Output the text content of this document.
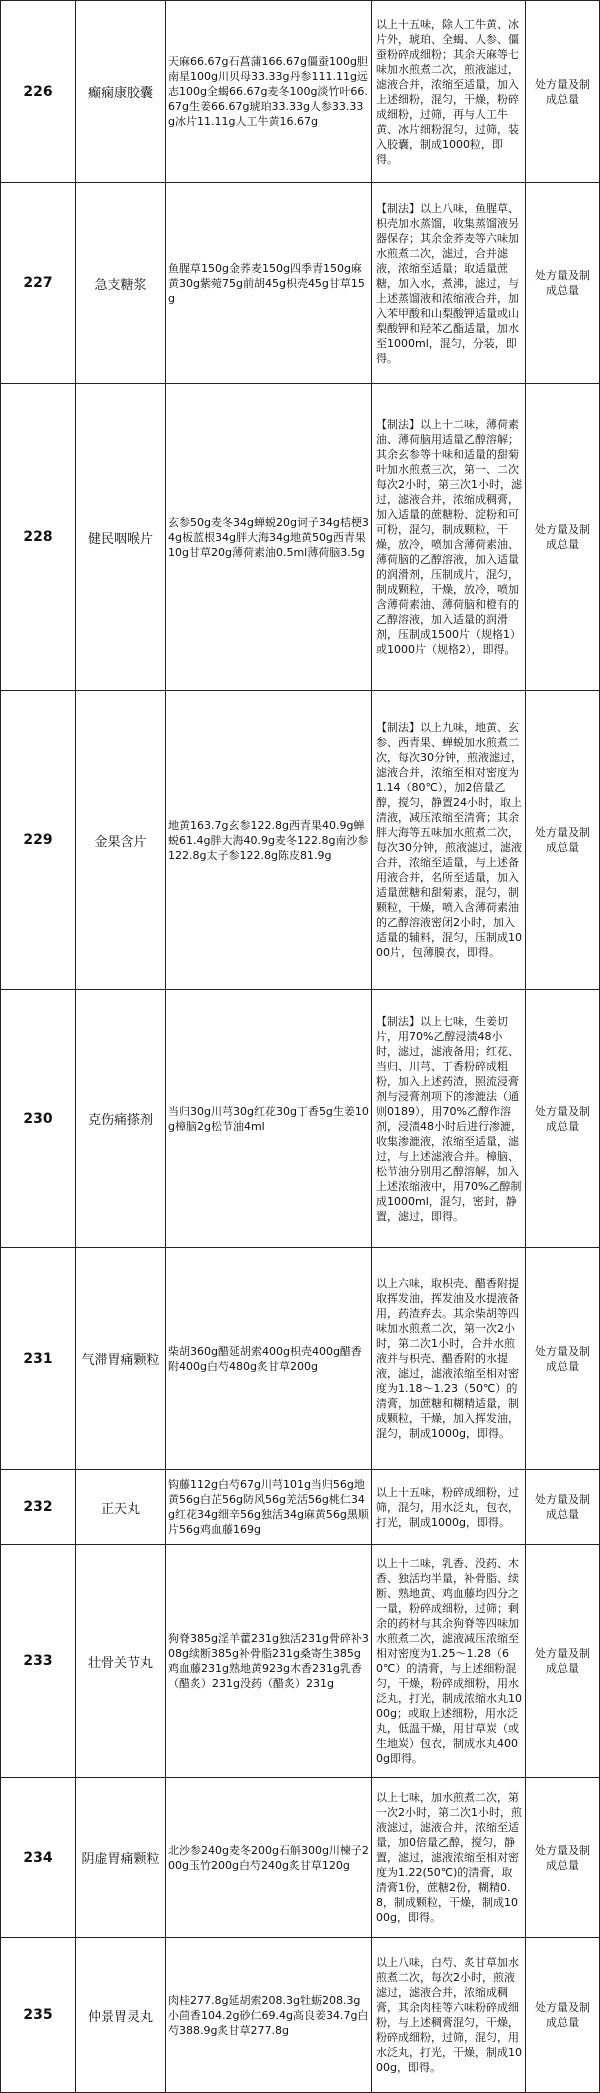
226	癫痫康胶囊
天麻66.67g石菖蒲166.67g僵蚕100g胆南星100g川贝母33.33g丹参111.11g远志100g全蝎66.67g麦冬100g淡竹叶66.67g生姜66.67g琥珀33.33g人参33.33g冰片11.11g人工牛黄16.67g
以上十五味，除人工牛黄、冰片外，琥珀、全蝎、人参、僵蚕粉碎成细粉；其余天麻等七味加水煎煮二次，煎液滤过，滤液合并，浓缩至适量，加入上述细粉，混匀，干燥，粉碎成细粉，过筛，再与人工牛黄、冰片细粉混匀，过筛，装入胶囊，制成1000粒，即得。
处方量及制成总量
227	急支糖浆
鱼腥草150g金荞麦150g四季青150g麻黄30g紫菀75g前胡45g枳壳45g甘草15g
【制法】以上八味，鱼腥草、枳壳加水蒸馏，收集蒸馏液另器保存；其余金荞麦等六味加水煎煮二次，滤过，合并滤液，浓缩至适量；取适量蔗糖，加入水，煮沸，滤过，与上述蒸馏液和浓缩液合并，加入苯甲酸和山梨酸钾适量或山梨酸钾和羟苯乙酯适量，加水至1000ml，混匀，分装，即得。
处方量及制成总量
228	健民咽喉片
玄参50g麦冬34g蝉蜕20g诃子34g桔梗34g板蓝根34g胖大海34g地黄50g西青果10g甘草20g薄荷素油0.5ml薄荷脑3.5g
【制法】以上十二味，薄荷素油、薄荷脑用适量乙醇溶解；其余玄参等十味和适量的甜菊叶加水煎煮三次，第一、二次每次2小时，第三次1小时，滤过，滤液合并，浓缩成稠膏，加入适量的蔗糖粉、淀粉和可可粉，混匀，制成颗粒，干燥，放冷，喷加含薄荷素油、薄荷脑的乙醇溶液，加入适量的润滑剂，压制成片，混匀，制成颗粒，干燥，放冷，喷加含薄荷素油、薄荷脑和橙有的乙醇溶液，加入适量的润滑剂，压制成1500片（规格1）或1000片（规格2），即得。
处方量及制成总量
229	金果含片
地黄163.7g玄参122.8g西青果40.9g蝉蜕61.4g胖大海40.9g麦冬122.8g南沙参122.8g太子参122.8g陈皮81.9g
【制法】以上九味，地黄、玄参、西青果、蝉蜕加水煎煮二次，每次30分钟，煎液滤过，滤液合并，浓缩至相对密度为1.14（80℃），加2倍量乙醇，搅匀，静置24小时，取上清液，减压浓缩至清膏；其余胖大海等五味加水煎煮二次，每次30分钟，煎液滤过，滤液合并，浓缩至适量，与上述备用液合并，名所至适量，加入适量蔗糖和甜菊素，混匀，制颗粒，干燥，喷入含薄荷素油的乙醇溶液密闭2小时，加入适量的辅料，混匀，压制成1000片，包薄膜衣，即得。
处方量及制成总量
230	克伤痛搽剂
当归30g川芎30g红花30g丁香5g生姜10g樟脑2g松节油4ml
【制法】以上七味，生姜切片，用70%乙醇浸渍48小时，滤过，滤液备用；红花、当归、川芎、丁香粉碎成粗粉，加入上述药渣，照流浸膏剂与浸膏剂项下的渗漉法（通则0189），用70%乙醇作溶剂，浸渍48小时后进行渗漉，收集渗漉液，浓缩至适量，滤过，与上述滤液合并。樟脑、松节油分别用乙醇溶解，加入上述浓缩液中，用70%乙醇制成1000ml，混匀，密封，静置，滤过，即得。
处方量及制成总量
231	气滞胃痛颗粒
柴胡360g醋延胡索400g枳壳400g醋香附400g白芍480g炙甘草200g
以上六味，取枳壳、醋香附提取挥发油，挥发油及水提液备用，药渣弃去。其余柴胡等四味加水煎煮二次，第一次2小时，第二次1小时，合并水煎液并与枳壳、醋香附的水提液，滤过，滤液浓缩至相对密度为1.18～1.23（50℃）的清膏，加蔗糖和糊精适量，制成颗粒，干燥，加入挥发油，混匀，制成1000g，即得。
处方量及制成总量
232	正天丸
钩藤112g白芍67g川芎101g当归56g地黄56g白芷56g防风56g羌活56g桃仁34g红花34g细辛56g独活34g麻黄56g黑顺片56g鸡血藤169g
以上十五味，粉碎成细粉，过筛，混匀，用水泛丸，包衣，打光，制成1000g，即得。
处方量及制成总量
233	壮骨关节丸
狗脊385g淫羊藿231g独活231g骨碎补308g续断385g补骨脂231g桑寄生385g鸡血藤231g熟地黄923g木香231g乳香（醋炙）231g没药（醋炙）231g
以上十二味，乳香、没药、木香、独活均半量，补骨脂、续断、熟地黄、鸡血藤均四分之一量，粉碎成细粉，过筛；剩余的药材与其余狗脊等四味加水煎煮二次，滤液减压浓缩至相对密度为1.25～1.28（60℃）的清膏，与上述细粉混匀，干燥，粉碎成细粉，用水泛丸，打光，制成浓缩水丸1000g；或取上述细粉，用水泛丸，低温干燥，用甘草炭（或生地炭）包衣，制成水丸4000g即得。
处方量及制成总量
234	阴虚胃痛颗粒
北沙参240g麦冬200g石斛300g川楝子200g玉竹200g白芍240g炙甘草120g
以上七味，加水煎煮二次，第一次2小时，第二次1小时，煎液滤过，滤液合并，浓缩至适量，加0倍量乙醇，搅匀，静置，滤过，滤液浓缩至相对密度为1.22(50℃)的清膏，取清膏1份，蔗糖2份，糊精0.8，制成颗粒，干燥，制成1000g，即得。
处方量及制成总量
235	仲景胃灵丸
肉桂277.8g延胡索208.3g牡蛎208.3g小茴香104.2g砂仁69.4g高良姜34.7g白芍388.9g炙甘草277.8g
以上八味，白芍、炙甘草加水煎煮二次，每次2小时，煎液滤过，滤液合并，浓缩成稠膏，其余肉桂等六味粉碎成细粉，与上述稠膏混匀，干燥，粉碎成细粉，过筛，混匀，用水泛丸，打光，干燥，制成1000g，即得。
处方量及制成总量
